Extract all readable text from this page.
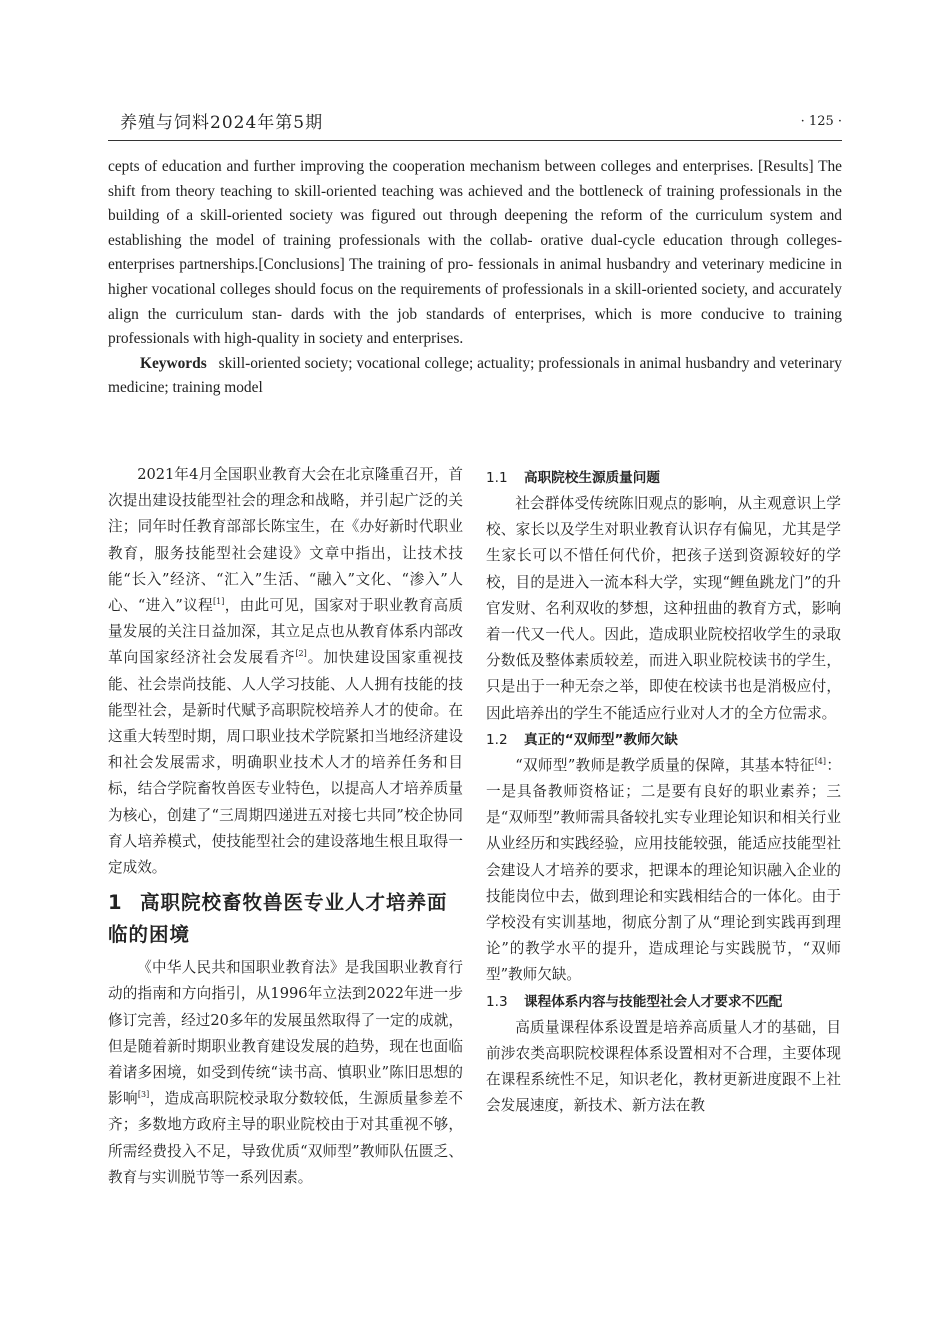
养殖与饲料2024年第5期	· 125 ·

cepts of education and further improving the cooperation mechanism between colleges and enterprises. [Results] The shift from theory teaching to skill-oriented teaching was achieved and the bottleneck of training professionals in the building of a skill-oriented society was figured out through deepening the reform of the curriculum system and establishing the model of training professionals with the collab- orative dual-cycle education through colleges-enterprises partnerships.[Conclusions] The training of pro- fessionals in animal husbandry and veterinary medicine in higher vocational colleges should focus on the requirements of professionals in a skill-oriented society, and accurately align the curriculum stan- dards with the job standards of enterprises, which is more conducive to training professionals with high-quality in society and enterprises.

Keywords skill-oriented society; vocational college; actuality; professionals in animal husbandry and veterinary medicine; training model

2021年4月全国职业教育大会在北京隆重召开，首次提出建设技能型社会的理念和战略，并引起广泛的关注；同年时任教育部部长陈宝生，在《办好新时代职业教育，服务技能型社会建设》文章中指出，让技术技能“长入”经济、“汇入”生活、“融入”文化、“渗入”人心、“进入”议程[1]，由此可见，国家对于职业教育高质量发展的关注日益加深，其立足点也从教育体系内部改革向国家经济社会发展看齐[2]。加快建设国家重视技能、社会崇尚技能、人人学习技能、人人拥有技能的技能型社会，是新时代赋予高职院校培养人才的使命。在这重大转型时期，周口职业技术学院紧扣当地经济建设和社会发展需求，明确职业技术人才的培养任务和目标，结合学院畜牧兽医专业特色，以提高人才培养质量为核心，创建了“三周期四递进五对接七共同”校企协同育人培养模式，使技能型社会的建设落地生根且取得一定成效。

1 高职院校畜牧兽医专业人才培养面临的困境

《中华人民共和国职业教育法》是我国职业教育行动的指南和方向指引，从1996年立法到2022年进一步修订完善，经过20多年的发展虽然取得了一定的成就，但是随着新时期职业教育建设发展的趋势，现在也面临着诸多困境，如受到传统“读书高、慎职业”陈旧思想的影响[3]，造成高职院校录取分数较低，生源质量参差不齐；多数地方政府主导的职业院校由于对其重视不够，所需经费投入不足，导致优质“双师型”教师队伍匮乏、教育与实训脱节等一系列因素。

1.1 高职院校生源质量问题

社会群体受传统陈旧观点的影响，从主观意识上学校、家长以及学生对职业教育认识存有偏见，尤其是学生家长可以不惜任何代价，把孩子送到资源较好的学校，目的是进入一流本科大学，实现“鲤鱼跳龙门”的升官发财、名利双收的梦想，这种扭曲的教育方式，影响着一代又一代人。因此，造成职业院校招收学生的录取分数低及整体素质较差，而进入职业院校读书的学生，只是出于一种无奈之举，即使在校读书也是消极应付，因此培养出的学生不能适应行业对人才的全方位需求。

1.2 真正的“双师型”教师欠缺

“双师型”教师是教学质量的保障，其基本特征[4]：一是具备教师资格证；二是要有良好的职业素养；三是“双师型”教师需具备较扎实专业理论知识和相关行业从业经历和实践经验，应用技能较强，能适应技能型社会建设人才培养的要求，把课本的理论知识融入企业的技能岗位中去，做到理论和实践相结合的一体化。由于学校没有实训基地，彻底分割了从“理论到实践再到理论”的教学水平的提升，造成理论与实践脱节，“双师型”教师欠缺。

1.3 课程体系内容与技能型社会人才要求不匹配

高质量课程体系设置是培养高质量人才的基础，目前涉农类高职院校课程体系设置相对不合理，主要体现在课程系统性不足，知识老化，教材更新进度跟不上社会发展速度，新技术、新方法在教
